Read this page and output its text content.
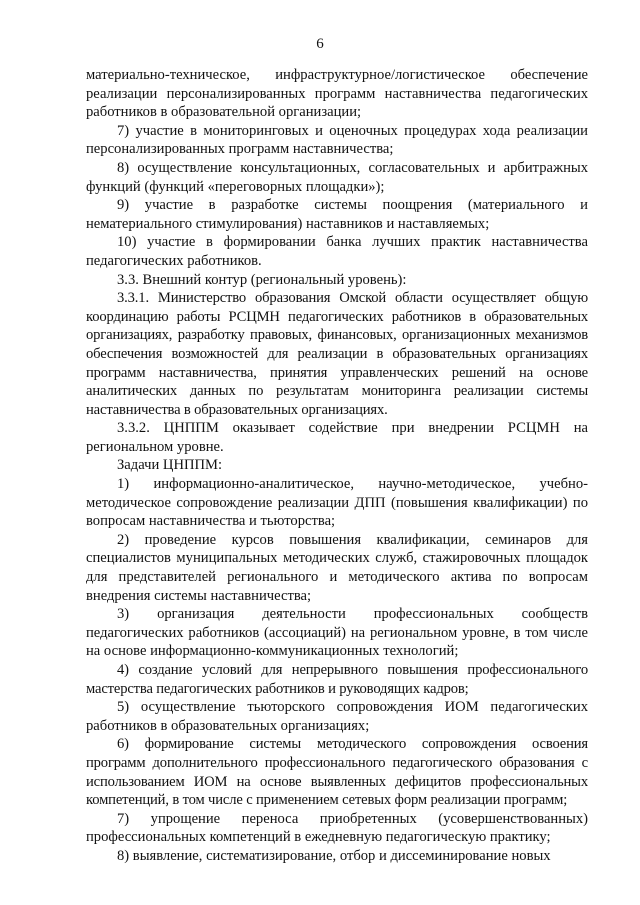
6

материально-техническое, инфраструктурное/логистическое обеспечение реализации персонализированных программ наставничества педагогических работников в образовательной организации;

7) участие в мониторинговых и оценочных процедурах хода реализации персонализированных программ наставничества;

8) осуществление консультационных, согласовательных и арбитражных функций (функций «переговорных площадки»);

9) участие в разработке системы поощрения (материального и нематериального стимулирования) наставников и наставляемых;

10) участие в формировании банка лучших практик наставничества педагогических работников.

3.3. Внешний контур (региональный уровень):

3.3.1. Министерство образования Омской области осуществляет общую координацию работы РСЦМН педагогических работников в образовательных организациях, разработку правовых, финансовых, организационных механизмов обеспечения возможностей для реализации в образовательных организациях программ наставничества, принятия управленческих решений на основе аналитических данных по результатам мониторинга реализации системы наставничества в образовательных организациях.

3.3.2. ЦНППМ оказывает содействие при внедрении РСЦМН на региональном уровне.

Задачи ЦНППМ:

1) информационно-аналитическое, научно-методическое, учебно-методическое сопровождение реализации ДПП (повышения квалификации) по вопросам наставничества и тьюторства;

2) проведение курсов повышения квалификации, семинаров для специалистов муниципальных методических служб, стажировочных площадок для представителей регионального и методического актива по вопросам внедрения системы наставничества;

3) организация деятельности профессиональных сообществ педагогических работников (ассоциаций) на региональном уровне, в том числе на основе информационно-коммуникационных технологий;

4) создание условий для непрерывного повышения профессионального мастерства педагогических работников и руководящих кадров;

5) осуществление тьюторского сопровождения ИОМ педагогических работников в образовательных организациях;

6) формирование системы методического сопровождения освоения программ дополнительного профессионального педагогического образования с использованием ИОМ на основе выявленных дефицитов профессиональных компетенций, в том числе с применением сетевых форм реализации программ;

7) упрощение переноса приобретенных (усовершенствованных) профессиональных компетенций в ежедневную педагогическую практику;

8) выявление, систематизирование, отбор и диссеминирование новых
